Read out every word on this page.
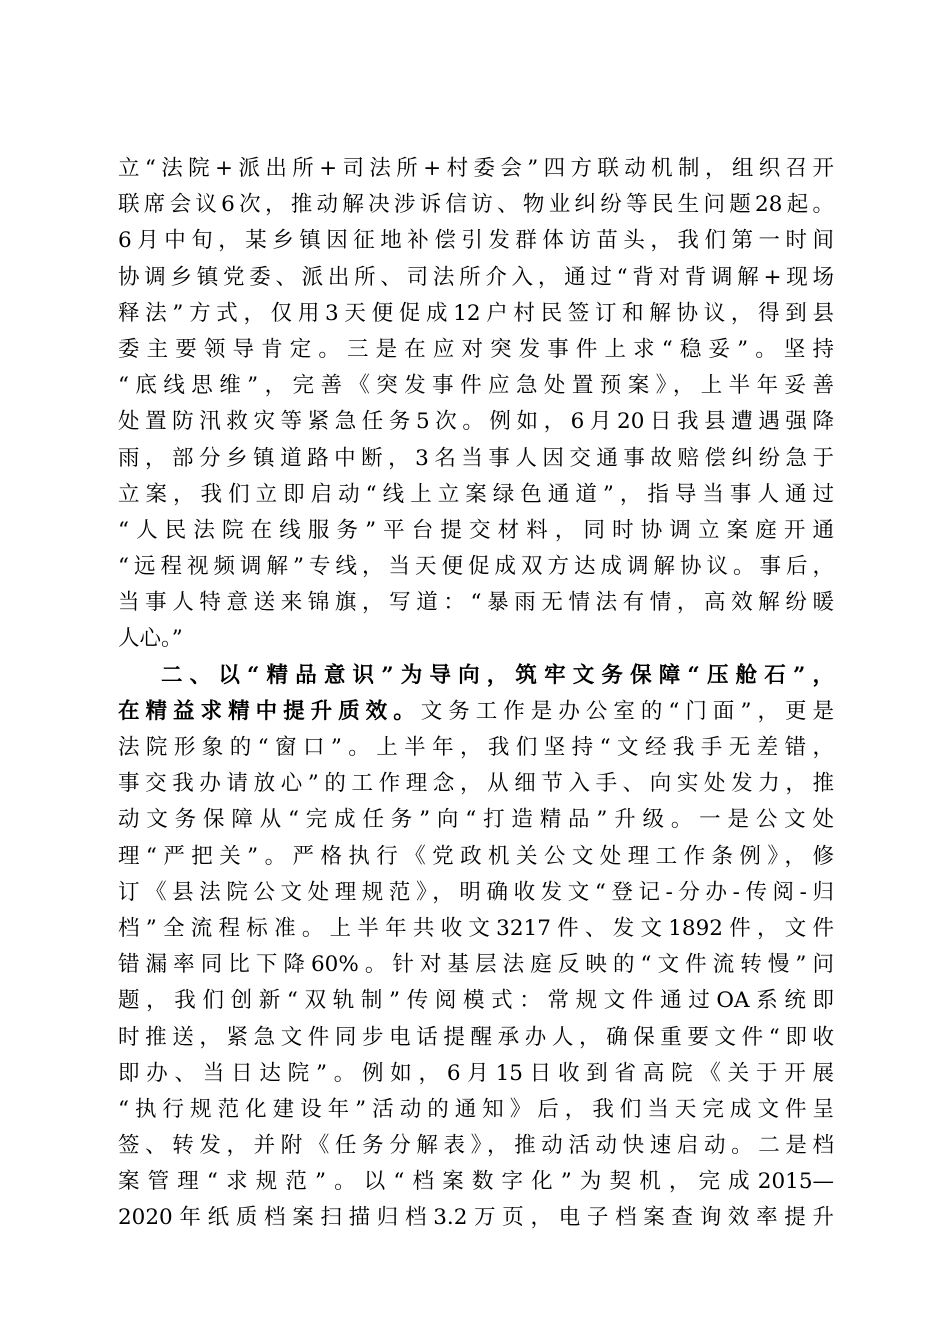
立“法院+派出所+司法所+村委会”四方联动机制，组织召开
联席会议6次，推动解决涉诉信访、物业纠纷等民生问题28起。
6月中旬，某乡镇因征地补偿引发群体访苗头，我们第一时间
协调乡镇党委、派出所、司法所介入，通过“背对背调解+现场
释法”方式，仅用3天便促成12户村民签订和解协议，得到县
委主要领导肯定。三是在应对突发事件上求“稳妥”。坚持
“底线思维”，完善《突发事件应急处置预案》，上半年妥善
处置防汛救灾等紧急任务5次。例如，6月20日我县遭遇强降
雨，部分乡镇道路中断，3名当事人因交通事故赔偿纠纷急于
立案，我们立即启动“线上立案绿色通道”，指导当事人通过
“人民法院在线服务”平台提交材料，同时协调立案庭开通
“远程视频调解”专线，当天便促成双方达成调解协议。事后，
当事人特意送来锦旗，写道：“暴雨无情法有情，高效解纷暖
人心。”
二、以“精品意识”为导向，筑牢文务保障“压舱石”，
在精益求精中提升质效。文务工作是办公室的“门面”，更是
法院形象的“窗口”。上半年，我们坚持“文经我手无差错，
事交我办请放心”的工作理念，从细节入手、向实处发力，推
动文务保障从“完成任务”向“打造精品”升级。一是公文处
理“严把关”。严格执行《党政机关公文处理工作条例》，修
订《县法院公文处理规范》，明确收发文“登记-分办-传阅-归
档”全流程标准。上半年共收文3217件、发文1892件，文件
错漏率同比下降60%。针对基层法庭反映的“文件流转慢”问
题，我们创新“双轨制”传阅模式：常规文件通过OA系统即
时推送，紧急文件同步电话提醒承办人，确保重要文件“即收
即办、当日达院”。例如，6月15日收到省高院《关于开展
“执行规范化建设年”活动的通知》后，我们当天完成文件呈
签、转发，并附《任务分解表》，推动活动快速启动。二是档
案管理“求规范”。以“档案数字化”为契机，完成2015—
2020年纸质档案扫描归档3.2万页，电子档案查询效率提升
